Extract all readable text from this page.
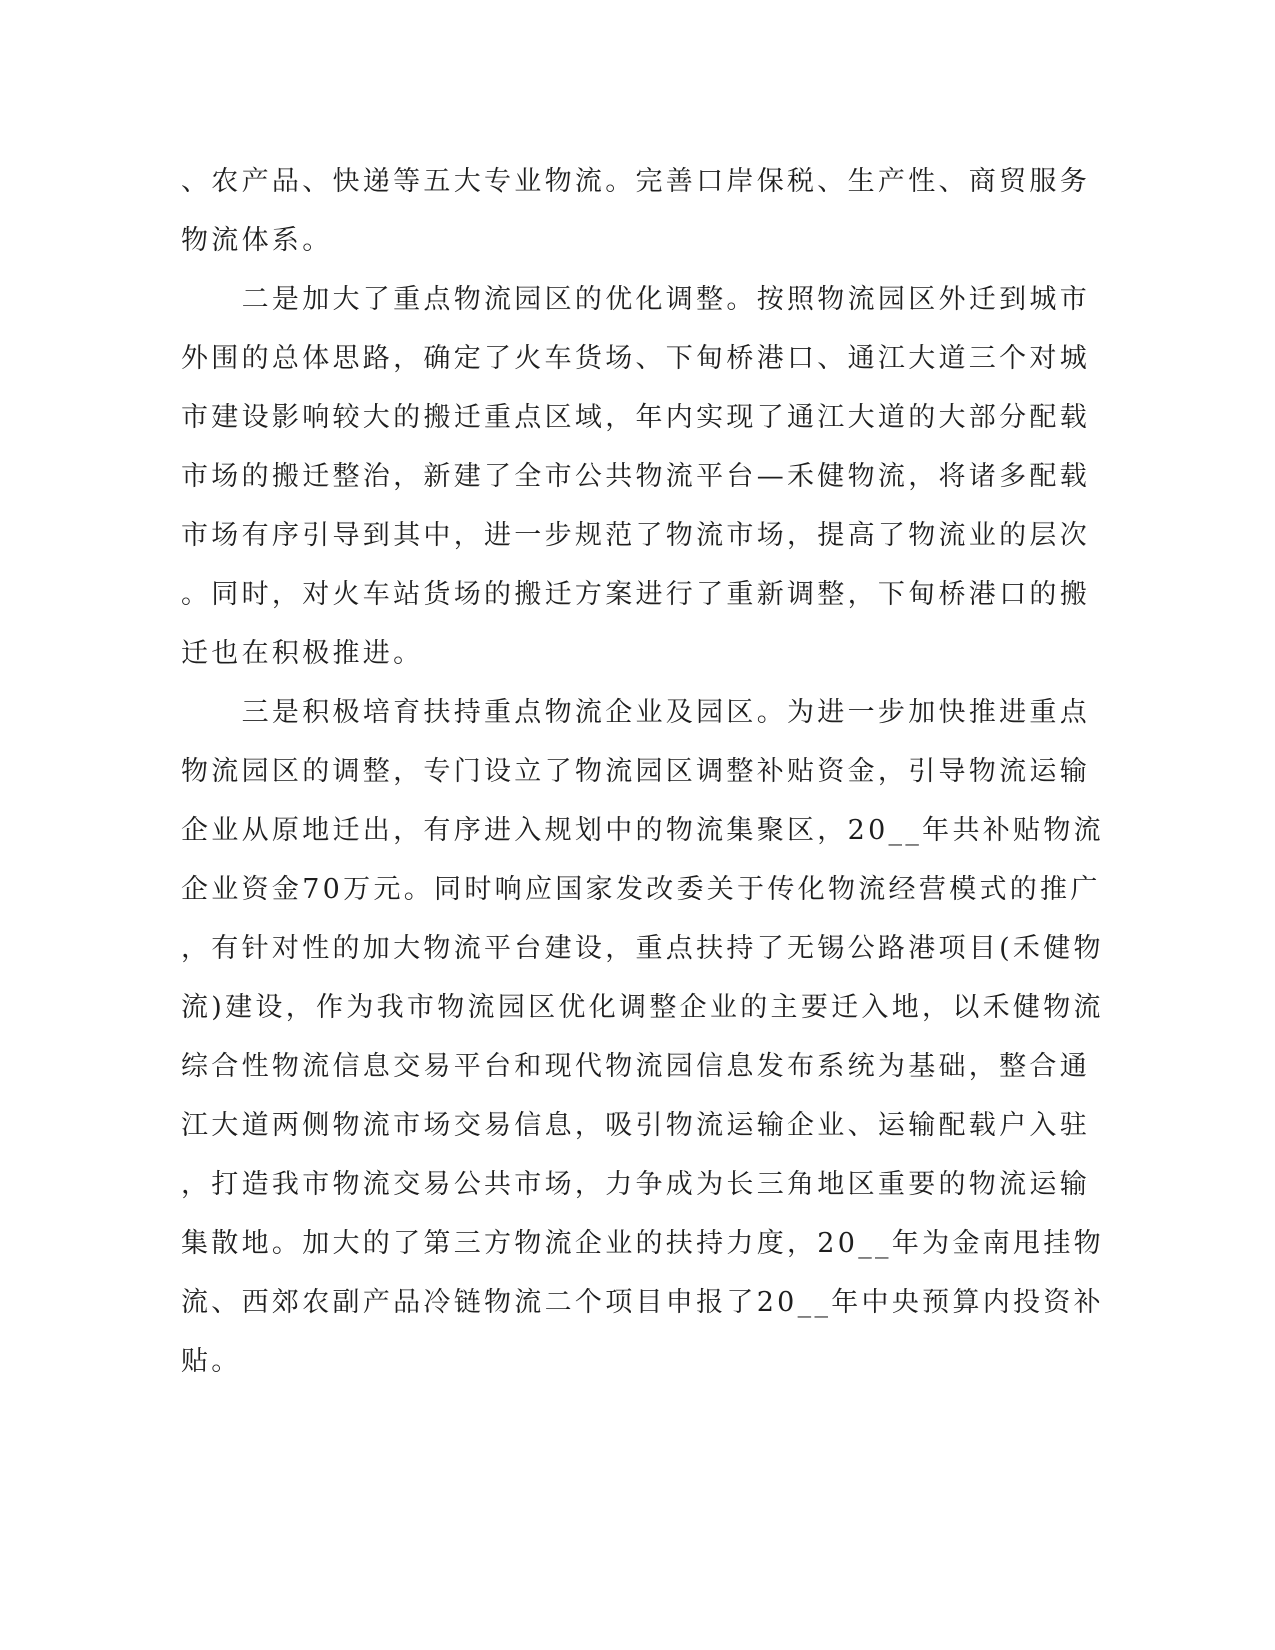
、农产品、快递等五大专业物流。完善口岸保税、生产性、商贸服务
物流体系。
　　二是加大了重点物流园区的优化调整。按照物流园区外迁到城市
外围的总体思路，确定了火车货场、下甸桥港口、通江大道三个对城
市建设影响较大的搬迁重点区域，年内实现了通江大道的大部分配载
市场的搬迁整治，新建了全市公共物流平台—禾健物流，将诸多配载
市场有序引导到其中，进一步规范了物流市场，提高了物流业的层次
。同时，对火车站货场的搬迁方案进行了重新调整，下甸桥港口的搬
迁也在积极推进。
　　三是积极培育扶持重点物流企业及园区。为进一步加快推进重点
物流园区的调整，专门设立了物流园区调整补贴资金，引导物流运输
企业从原地迁出，有序进入规划中的物流集聚区，20__年共补贴物流
企业资金70万元。同时响应国家发改委关于传化物流经营模式的推广
，有针对性的加大物流平台建设，重点扶持了无锡公路港项目(禾健物
流)建设，作为我市物流园区优化调整企业的主要迁入地，以禾健物流
综合性物流信息交易平台和现代物流园信息发布系统为基础，整合通
江大道两侧物流市场交易信息，吸引物流运输企业、运输配载户入驻
，打造我市物流交易公共市场，力争成为长三角地区重要的物流运输
集散地。加大的了第三方物流企业的扶持力度，20__年为金南甩挂物
流、西郊农副产品冷链物流二个项目申报了20__年中央预算内投资补
贴。
